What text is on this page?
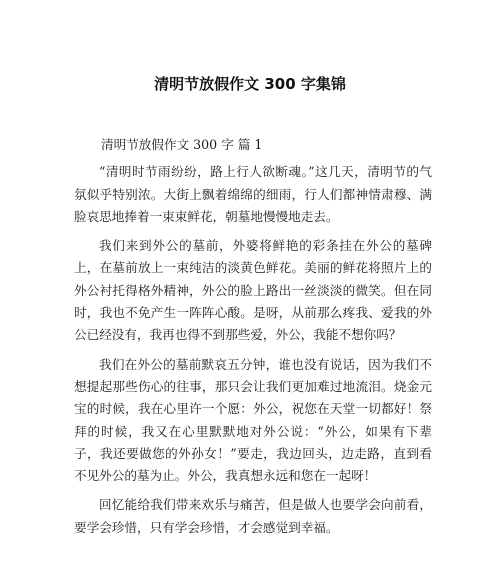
清明节放假作文 300 字集锦

清明节放假作文 300 字 篇 1

“清明时节雨纷纷，路上行人欲断魂。”这几天，清明节的气氛似乎特别浓。大街上飘着绵绵的细雨，行人们都神情肃穆、满脸哀思地捧着一束束鲜花，朝墓地慢慢地走去。

我们来到外公的墓前，外婆将鲜艳的彩条挂在外公的墓碑上，在墓前放上一束纯洁的淡黄色鲜花。美丽的鲜花将照片上的外公衬托得格外精神，外公的脸上路出一丝淡淡的微笑。但在同时，我也不免产生一阵阵心酸。是呀，从前那么疼我、爱我的外公已经没有，我再也得不到那些爱，外公，我能不想你吗？

我们在外公的墓前默哀五分钟，谁也没有说话，因为我们不想提起那些伤心的往事，那只会让我们更加难过地流泪。烧金元宝的时候，我在心里许一个愿：外公，祝您在天堂一切都好！祭拜的时候，我又在心里默默地对外公说：“外公，如果有下辈子，我还要做您的外孙女！”要走，我边回头，边走路，直到看不见外公的墓为止。外公，我真想永远和您在一起呀！

回忆能给我们带来欢乐与痛苦，但是做人也要学会向前看，要学会珍惜，只有学会珍惜，才会感觉到幸福。
